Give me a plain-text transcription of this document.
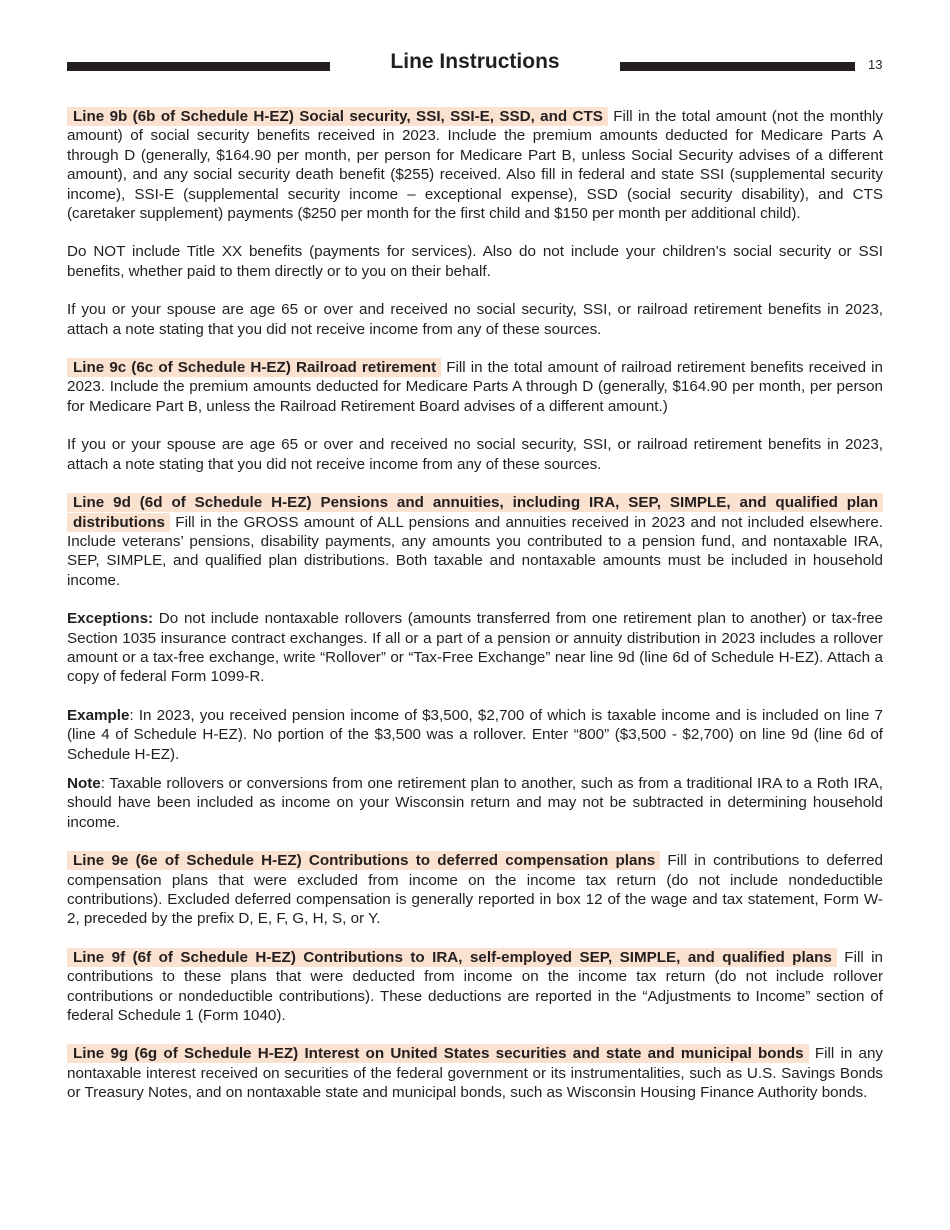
Line Instructions	13

Line 9b (6b of Schedule H-EZ) Social security, SSI, SSI-E, SSD, and CTS Fill in the total amount (not the monthly amount) of social security benefits received in 2023. Include the premium amounts deducted for Medicare Parts A through D (generally, $164.90 per month, per person for Medicare Part B, unless Social Security advises of a different amount), and any social security death benefit ($255) received. Also fill in federal and state SSI (supplemental security income), SSI-E (supplemental security income – exceptional expense), SSD (social security disability), and CTS (caretaker supplement) payments ($250 per month for the first child and $150 per month per additional child).

Do NOT include Title XX benefits (payments for services). Also do not include your children’s social security or SSI benefits, whether paid to them directly or to you on their behalf.

If you or your spouse are age 65 or over and received no social security, SSI, or railroad retirement benefits in 2023, attach a note stating that you did not receive income from any of these sources.

Line 9c (6c of Schedule H-EZ) Railroad retirement Fill in the total amount of railroad retirement benefits received in 2023. Include the premium amounts deducted for Medicare Parts A through D (generally, $164.90 per month, per person for Medicare Part B, unless the Railroad Retirement Board advises of a different amount.)

If you or your spouse are age 65 or over and received no social security, SSI, or railroad retirement benefits in 2023, attach a note stating that you did not receive income from any of these sources.

Line 9d (6d of Schedule H-EZ) Pensions and annuities, including IRA, SEP, SIMPLE, and qualified plan distributions Fill in the GROSS amount of ALL pensions and annuities received in 2023 and not included elsewhere. Include veterans’ pensions, disability payments, any amounts you contributed to a pension fund, and nontaxable IRA, SEP, SIMPLE, and qualified plan distributions. Both taxable and nontaxable amounts must be included in household income.

Exceptions: Do not include nontaxable rollovers (amounts transferred from one retirement plan to another) or tax-free Section 1035 insurance contract exchanges. If all or a part of a pension or annuity distribution in 2023 includes a rollover amount or a tax-free exchange, write “Rollover” or “Tax-Free Exchange” near line 9d (line 6d of Schedule H-EZ). Attach a copy of federal Form 1099-R.

Example: In 2023, you received pension income of $3,500, $2,700 of which is taxable income and is included on line 7 (line 4 of Schedule H-EZ). No portion of the $3,500 was a rollover. Enter “800” ($3,500 - $2,700) on line 9d (line 6d of Schedule H-EZ).

Note: Taxable rollovers or conversions from one retirement plan to another, such as from a traditional IRA to a Roth IRA, should have been included as income on your Wisconsin return and may not be subtracted in determining household income.

Line 9e (6e of Schedule H-EZ) Contributions to deferred compensation plans Fill in contributions to deferred compensation plans that were excluded from income on the income tax return (do not include nondeductible contributions). Excluded deferred compensation is generally reported in box 12 of the wage and tax statement, Form W-2, preceded by the prefix D, E, F, G, H, S, or Y.

Line 9f (6f of Schedule H-EZ) Contributions to IRA, self-employed SEP, SIMPLE, and qualified plans Fill in contributions to these plans that were deducted from income on the income tax return (do not include rollover contributions or nondeductible contributions). These deductions are reported in the “Adjustments to Income” section of federal Schedule 1 (Form 1040).

Line 9g (6g of Schedule H-EZ) Interest on United States securities and state and municipal bonds Fill in any nontaxable interest received on securities of the federal government or its instrumentalities, such as U.S. Savings Bonds or Treasury Notes, and on nontaxable state and municipal bonds, such as Wisconsin Housing Finance Authority bonds.
